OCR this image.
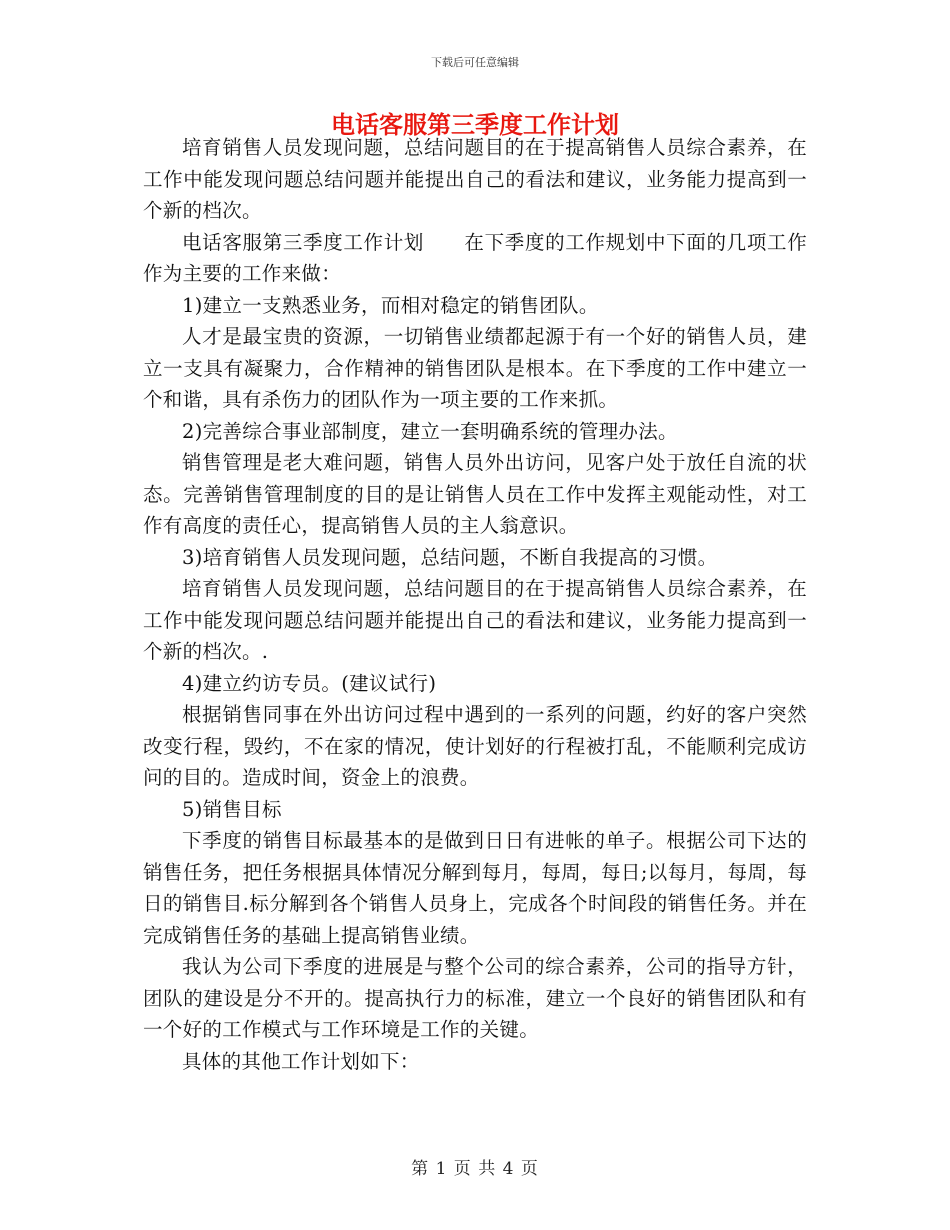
下载后可任意编辑
电话客服第三季度工作计划

培育销售人员发现问题，总结问题目的在于提高销售人员综合素养，在工作中能发现问题总结问题并能提出自己的看法和建议，业务能力提高到一个新的档次。

电话客服第三季度工作计划　　在下季度的工作规划中下面的几项工作作为主要的工作来做：

1)建立一支熟悉业务，而相对稳定的销售团队。

人才是最宝贵的资源，一切销售业绩都起源于有一个好的销售人员，建立一支具有凝聚力，合作精神的销售团队是根本。在下季度的工作中建立一个和谐，具有杀伤力的团队作为一项主要的工作来抓。

2)完善综合事业部制度，建立一套明确系统的管理办法。

销售管理是老大难问题，销售人员外出访问，见客户处于放任自流的状态。完善销售管理制度的目的是让销售人员在工作中发挥主观能动性，对工作有高度的责任心，提高销售人员的主人翁意识。

3)培育销售人员发现问题，总结问题，不断自我提高的习惯。

培育销售人员发现问题，总结问题目的在于提高销售人员综合素养，在工作中能发现问题总结问题并能提出自己的看法和建议，业务能力提高到一个新的档次。.

4)建立约访专员。(建议试行)

根据销售同事在外出访问过程中遇到的一系列的问题，约好的客户突然改变行程，毁约，不在家的情况，使计划好的行程被打乱，不能顺利完成访问的目的。造成时间，资金上的浪费。

5)销售目标

下季度的销售目标最基本的是做到日日有进帐的单子。根据公司下达的销售任务，把任务根据具体情况分解到每月，每周，每日;以每月，每周，每日的销售目.标分解到各个销售人员身上，完成各个时间段的销售任务。并在完成销售任务的基础上提高销售业绩。

我认为公司下季度的进展是与整个公司的综合素养，公司的指导方针，团队的建设是分不开的。提高执行力的标准，建立一个良好的销售团队和有一个好的工作模式与工作环境是工作的关键。

具体的其他工作计划如下：

第 1 页 共 4 页
